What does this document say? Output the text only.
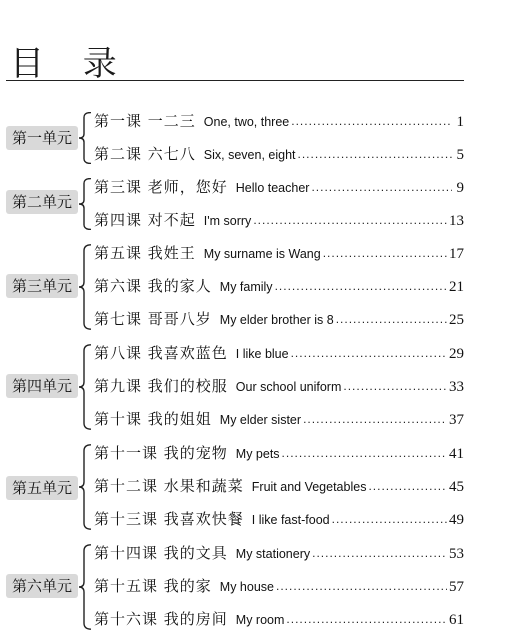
目 录
第一单元
第一课 一二三 One, two, three .....	1
第二课 六七八 Six, seven, eight .....	5
第二单元
第三课 老师，您好 Hello teacher .....	9
第四课 对不起 I'm sorry .....	13
第三单元
第五课 我姓王 My surname is Wang .....	17
第六课 我的家人 My family .....	21
第七课 哥哥八岁 My elder brother is 8 .....	25
第四单元
第八课 我喜欢蓝色 I like blue .....	29
第九课 我们的校服 Our school uniform .....	33
第十课 我的姐姐 My elder sister .....	37
第五单元
第十一课 我的宠物 My pets .....	41
第十二课 水果和蔬菜 Fruit and Vegetables .....	45
第十三课 我喜欢快餐 I like fast-food .....	49
第六单元
第十四课 我的文具 My stationery .....	53
第十五课 我的家 My house .....	57
第十六课 我的房间 My room .....	61
